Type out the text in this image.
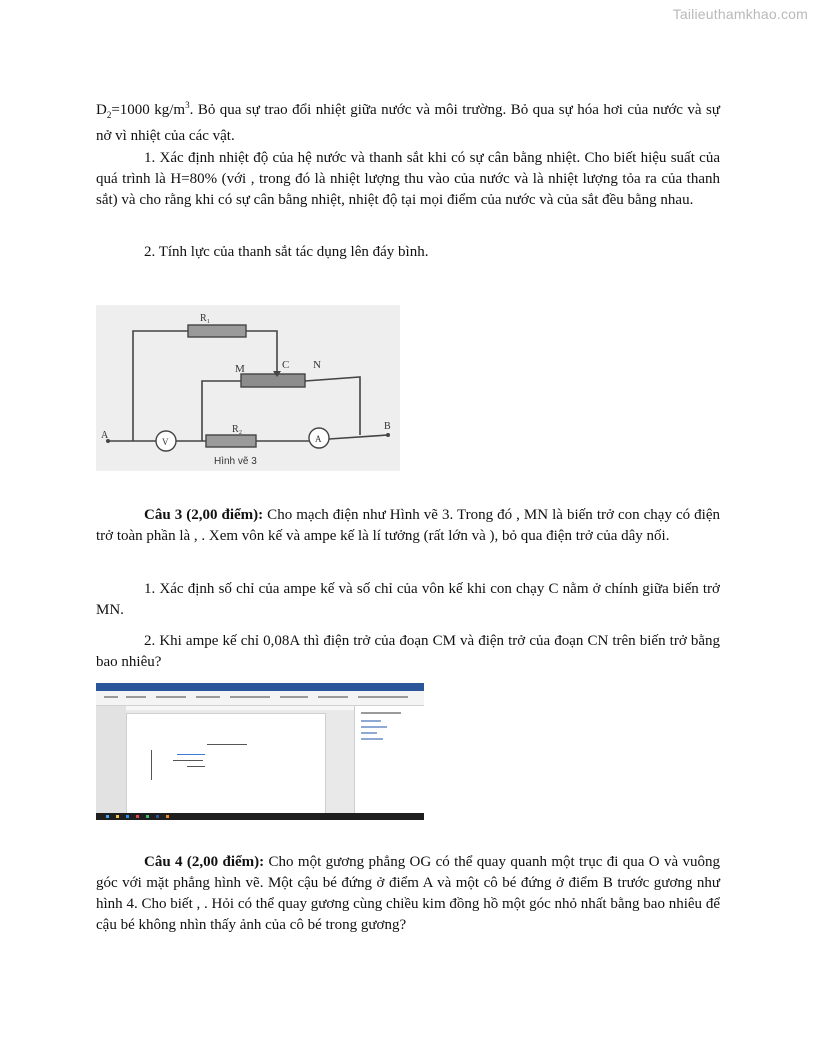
Tailieuthamkhao.com
$D_2=1000$ $kg/m^3$. Bỏ qua sự trao đổi nhiệt giữa nước và môi trường. Bỏ qua sự hóa hơi của nước và sự nở vì nhiệt của các vật.
1. Xác định nhiệt độ của hệ nước và thanh sắt khi có sự cân bằng nhiệt. Cho biết hiệu suất của quá trình là H=80% (với , trong đó là nhiệt lượng thu vào của nước và là nhiệt lượng tỏa ra của thanh sắt) và cho rằng khi có sự cân bằng nhiệt, nhiệt độ tại mọi điểm của nước và của sắt đều bằng nhau.
2. Tính lực của thanh sắt tác dụng lên đáy bình.
R₁
M	C N
R₂
A
B
V	A
Hình vẽ 3
Câu 3 (2,00 điểm): Cho mạch điện như Hình vẽ 3. Trong đó , MN là biến trở con chạy có điện trở toàn phần là , . Xem vôn kế và ampe kế là lí tưởng (rất lớn và ), bỏ qua điện trở của dây nối.
1. Xác định số chỉ của ampe kế và số chỉ của vôn kế khi con chạy C nằm ở chính giữa biến trở MN.
2. Khi ampe kế chỉ 0,08A thì điện trở của đoạn CM và điện trở của đoạn CN trên biến trở bằng bao nhiêu?
Câu 4 (2,00 điểm): Cho một gương phẳng OG có thể quay quanh một trục đi qua O và vuông góc với mặt phẳng hình vẽ. Một cậu bé đứng ở điểm A và một cô bé đứng ở điểm B trước gương như hình 4. Cho biết , . Hỏi có thể quay gương cùng chiều kim đồng hồ một góc nhỏ nhất bằng bao nhiêu để cậu bé không nhìn thấy ảnh của cô bé trong gương?
